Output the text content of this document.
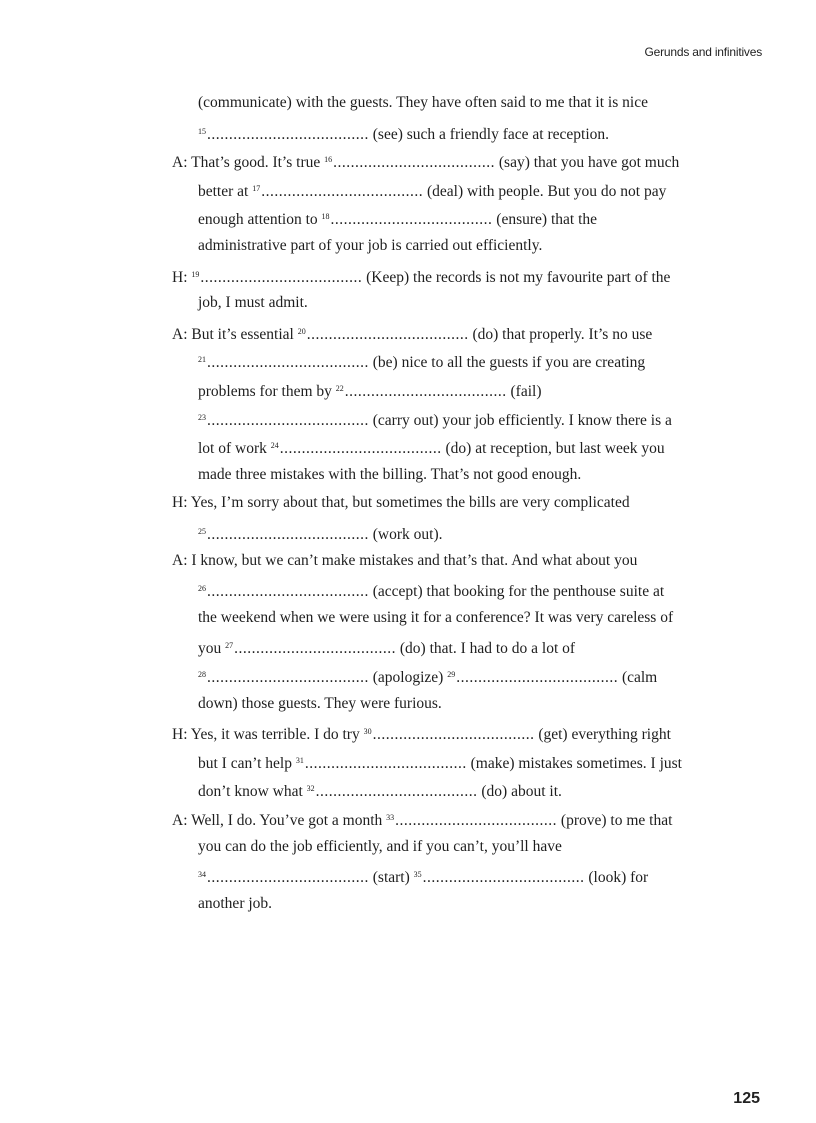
Gerunds and infinitives
(communicate) with the guests. They have often said to me that it is nice
$^{15}$..................................... (see) such a friendly face at reception.
A: That’s good. It’s true $^{16}$..................................... (say) that you have got much
better at $^{17}$..................................... (deal) with people. But you do not pay
enough attention to $^{18}$..................................... (ensure) that the
administrative part of your job is carried out efficiently.
H: $^{19}$..................................... (Keep) the records is not my favourite part of the
job, I must admit.
A: But it’s essential $^{20}$..................................... (do) that properly. It’s no use
$^{21}$..................................... (be) nice to all the guests if you are creating
problems for them by $^{22}$..................................... (fail)
$^{23}$..................................... (carry out) your job efficiently. I know there is a
lot of work $^{24}$..................................... (do) at reception, but last week you
made three mistakes with the billing. That’s not good enough.
H: Yes, I’m sorry about that, but sometimes the bills are very complicated
$^{25}$..................................... (work out).
A: I know, but we can’t make mistakes and that’s that. And what about you
$^{26}$..................................... (accept) that booking for the penthouse suite at
the weekend when we were using it for a conference? It was very careless of
you $^{27}$..................................... (do) that. I had to do a lot of
$^{28}$..................................... (apologize) $^{29}$..................................... (calm
down) those guests. They were furious.
H: Yes, it was terrible. I do try $^{30}$..................................... (get) everything right
but I can’t help $^{31}$..................................... (make) mistakes sometimes. I just
don’t know what $^{32}$..................................... (do) about it.
A: Well, I do. You’ve got a month $^{33}$..................................... (prove) to me that
you can do the job efficiently, and if you can’t, you’ll have
$^{34}$..................................... (start) $^{35}$..................................... (look) for
another job.
125
